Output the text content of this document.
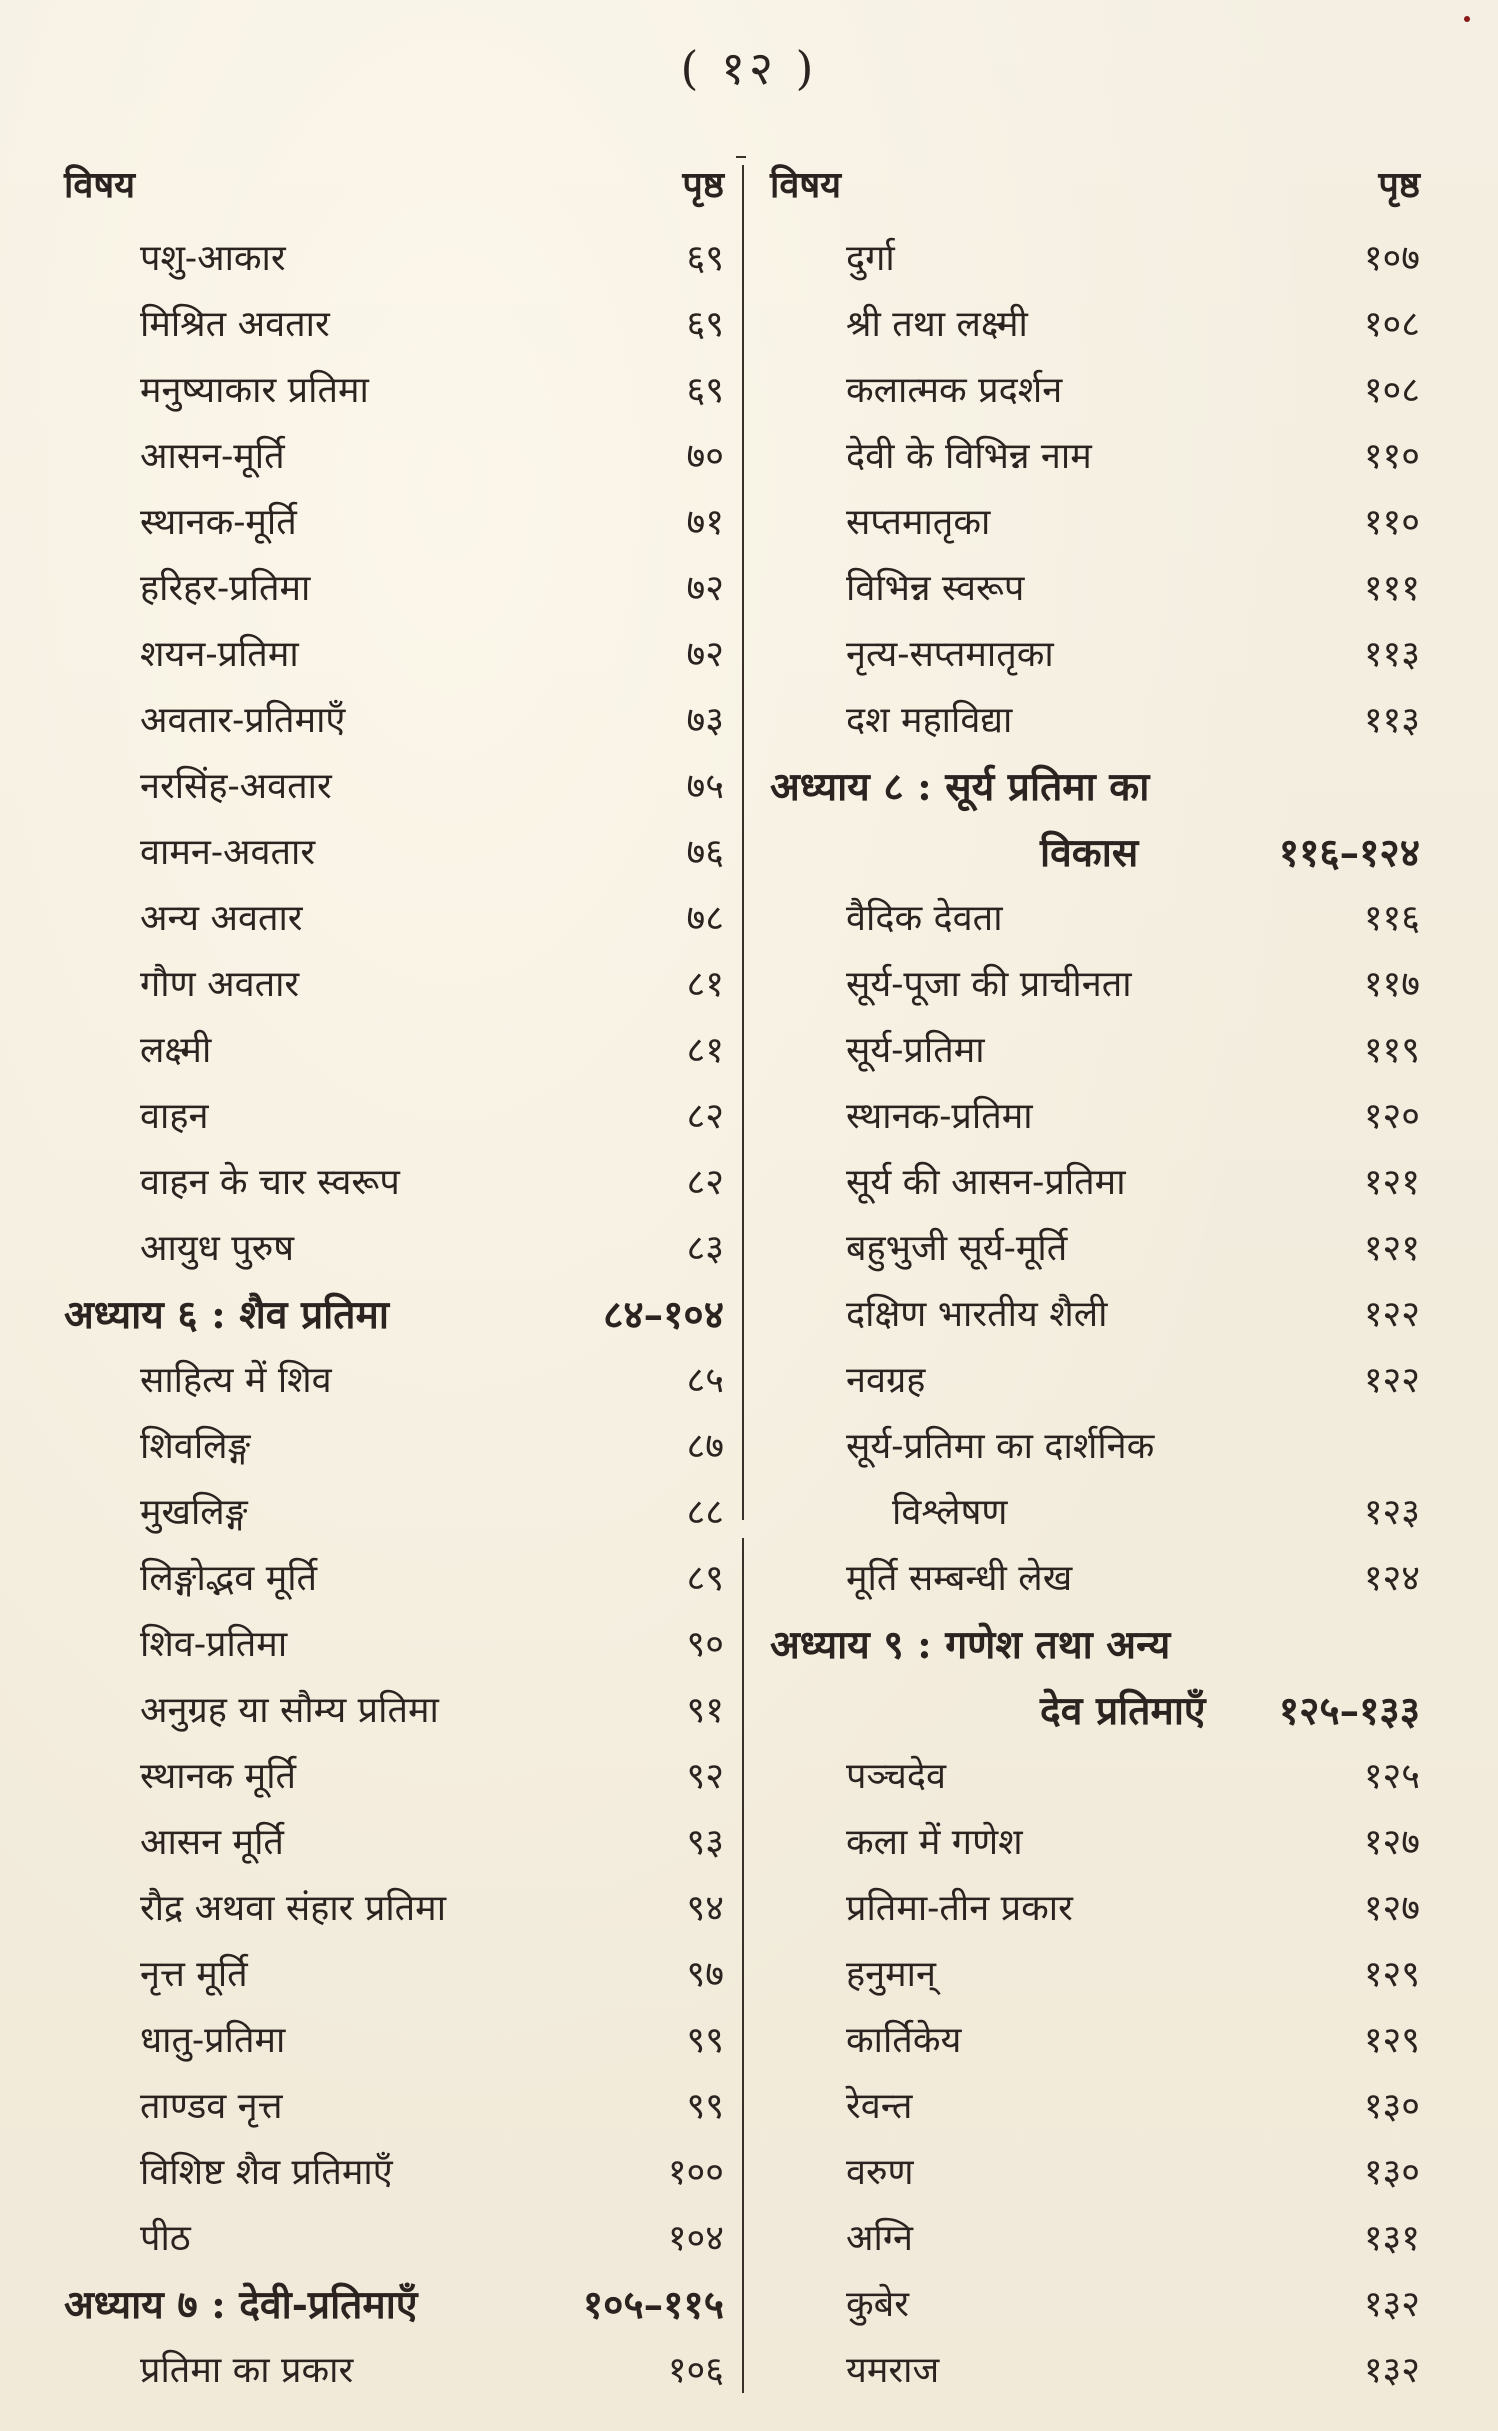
( १२ )
विषय	पृष्ठ
पशु-आकार	६९
मिश्रित अवतार	६९
मनुष्याकार प्रतिमा	६९
आसन-मूर्ति	७०
स्थानक-मूर्ति	७१
हरिहर-प्रतिमा	७२
शयन-प्रतिमा	७२
अवतार-प्रतिमाएँ	७३
नरसिंह-अवतार	७५
वामन-अवतार	७६
अन्य अवतार	७८
गौण अवतार	८१
लक्ष्मी	८१
वाहन	८२
वाहन के चार स्वरूप	८२
आयुध पुरुष	८३
अध्याय ६ : शैव प्रतिमा	८४–१०४
साहित्य में शिव	८५
शिवलिङ्ग	८७
मुखलिङ्ग	८८
लिङ्गोद्भव मूर्ति	८९
शिव-प्रतिमा	९०
अनुग्रह या सौम्य प्रतिमा	९१
स्थानक मूर्ति	९२
आसन मूर्ति	९३
रौद्र अथवा संहार प्रतिमा	९४
नृत्त मूर्ति	९७
धातु-प्रतिमा	९९
ताण्डव नृत्त	९९
विशिष्ट शैव प्रतिमाएँ	१००
पीठ	१०४
अध्याय ७ : देवी-प्रतिमाएँ	१०५–११५
प्रतिमा का प्रकार	१०६
विषय	पृष्ठ
दुर्गा	१०७
श्री तथा लक्ष्मी	१०८
कलात्मक प्रदर्शन	१०८
देवी के विभिन्न नाम	११०
सप्तमातृका	११०
विभिन्न स्वरूप	१११
नृत्य-सप्तमातृका	११३
दश महाविद्या	११३
अध्याय ८ : सूर्य प्रतिमा का
विकास	११६–१२४
वैदिक देवता	११६
सूर्य-पूजा की प्राचीनता	११७
सूर्य-प्रतिमा	११९
स्थानक-प्रतिमा	१२०
सूर्य की आसन-प्रतिमा	१२१
बहुभुजी सूर्य-मूर्ति	१२१
दक्षिण भारतीय शैली	१२२
नवग्रह	१२२
सूर्य-प्रतिमा का दार्शनिक
विश्लेषण	१२३
मूर्ति सम्बन्धी लेख	१२४
अध्याय ९ : गणेश तथा अन्य
देव प्रतिमाएँ १२५–१३३
पञ्चदेव	१२५
कला में गणेश	१२७
प्रतिमा-तीन प्रकार	१२७
हनुमान्	१२९
कार्तिकेय	१२९
रेवन्त	१३०
वरुण	१३०
अग्नि	१३१
कुबेर	१३२
यमराज	१३२
